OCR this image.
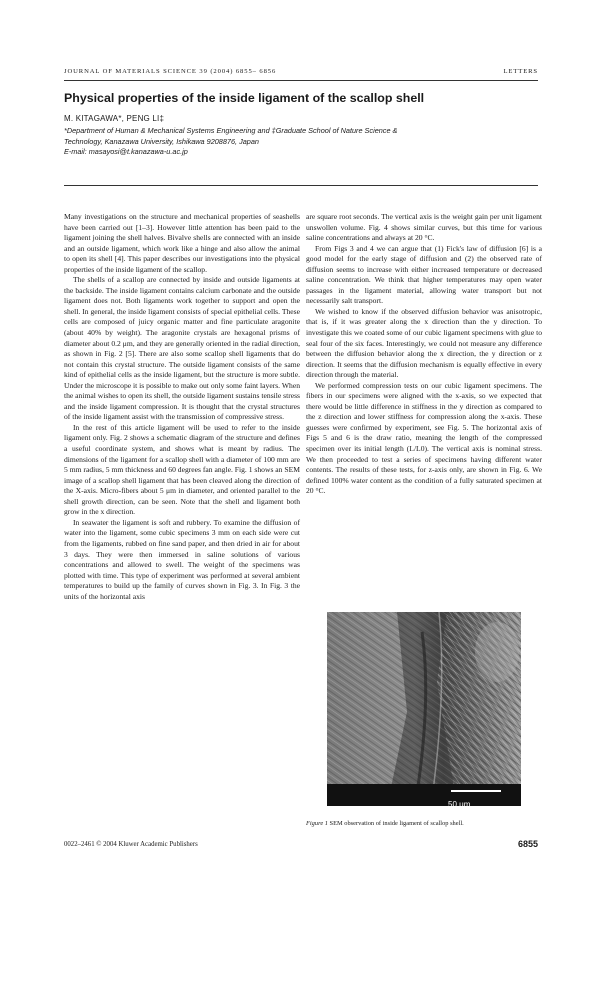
JOURNAL OF MATERIALS SCIENCE 39 (2004) 6855– 6856	LETTERS
Physical properties of the inside ligament of the scallop shell
M. KITAGAWA*, PENG LI‡
*Department of Human & Mechanical Systems Engineering and ‡Graduate School of Nature Science &
Technology, Kanazawa University, Ishikawa 9208876, Japan
E-mail: masayosi@t.kanazawa-u.ac.jp

Many investigations on the structure and mechanical properties of seashells have been carried out [1–3]. However little attention has been paid to the ligament joining the shell halves. Bivalve shells are connected with an inside and an outside ligament, which work like a hinge and also allow the animal to open its shell [4]. This paper describes our investigations into the physical properties of the inside ligament of the scallop.

The shells of a scallop are connected by inside and outside ligaments at the backside. The inside ligament contains calcium carbonate and the outside ligament does not. Both ligaments work together to support and open the shell. In general, the inside ligament consists of special epithelial cells. These cells are composed of juicy organic matter and fine particulate aragonite (about 40% by weight). The aragonite crystals are hexagonal prisms of diameter about 0.2 μm, and they are generally oriented in the radial direction, as shown in Fig. 2 [5]. There are also some scallop shell ligaments that do not contain this crystal structure. The outside ligament consists of the same kind of epithelial cells as the inside ligament, but the structure is more subtle. Under the microscope it is possible to make out only some faint layers. When the animal wishes to open its shell, the outside ligament sustains tensile stress and the inside ligament compression. It is thought that the crystal structures of the inside ligament assist with the transmission of compressive stress.

In the rest of this article ligament will be used to refer to the inside ligament only. Fig. 2 shows a schematic diagram of the structure and defines a useful coordinate system, and shows what is meant by radius. The dimensions of the ligament for a scallop shell with a diameter of 100 mm are 5 mm radius, 5 mm thickness and 60 degrees fan angle. Fig. 1 shows an SEM image of a scallop shell ligament that has been cleaved along the direction of the X-axis. Micro-fibers about 5 μm in diameter, and oriented parallel to the shell growth direction, can be seen. Note that the shell and ligament both grow in the x direction.

In seawater the ligament is soft and rubbery. To examine the diffusion of water into the ligament, some cubic specimens 3 mm on each side were cut from the ligaments, rubbed on fine sand paper, and then dried in air for about 3 days. They were then immersed in saline solutions of various concentrations and allowed to swell. The weight of the specimens was plotted with time. This type of experiment was performed at several ambient temperatures to build up the family of curves shown in Fig. 3. In Fig. 3 the units of the horizontal axis

are square root seconds. The vertical axis is the weight gain per unit ligament unswollen volume. Fig. 4 shows similar curves, but this time for various saline concentrations and always at 20 °C.

From Figs 3 and 4 we can argue that (1) Fick's law of diffusion [6] is a good model for the early stage of diffusion and (2) the observed rate of diffusion seems to increase with either increased temperature or decreased saline concentration. We think that higher temperatures may open water passages in the ligament material, allowing water transport but not necessarily salt transport.

We wished to know if the observed diffusion behavior was anisotropic, that is, if it was greater along the x direction than the y direction. To investigate this we coated some of our cubic ligament specimens with glue to seal four of the six faces. Interestingly, we could not measure any difference between the diffusion behavior along the x direction, the y direction or z direction. It seems that the diffusion mechanism is equally effective in every direction through the material.

We performed compression tests on our cubic ligament specimens. The fibers in our specimens were aligned with the x-axis, so we expected that there would be little difference in stiffness in the y direction as compared to the z direction and lower stiffness for compression along the x-axis. These guesses were confirmed by experiment, see Fig. 5. The horizontal axis of Figs 5 and 6 is the draw ratio, meaning the length of the compressed specimen over its initial length (L/L0). The vertical axis is nominal stress. We then proceeded to test a series of specimens having different water contents. The results of these tests, for z-axis only, are shown in Fig. 6. We defined 100% water content as the condition of a fully saturated specimen at 20 °C.

50 μm
Figure 1 SEM observation of inside ligament of scallop shell.
0022–2461 © 2004 Kluwer Academic Publishers	6855
